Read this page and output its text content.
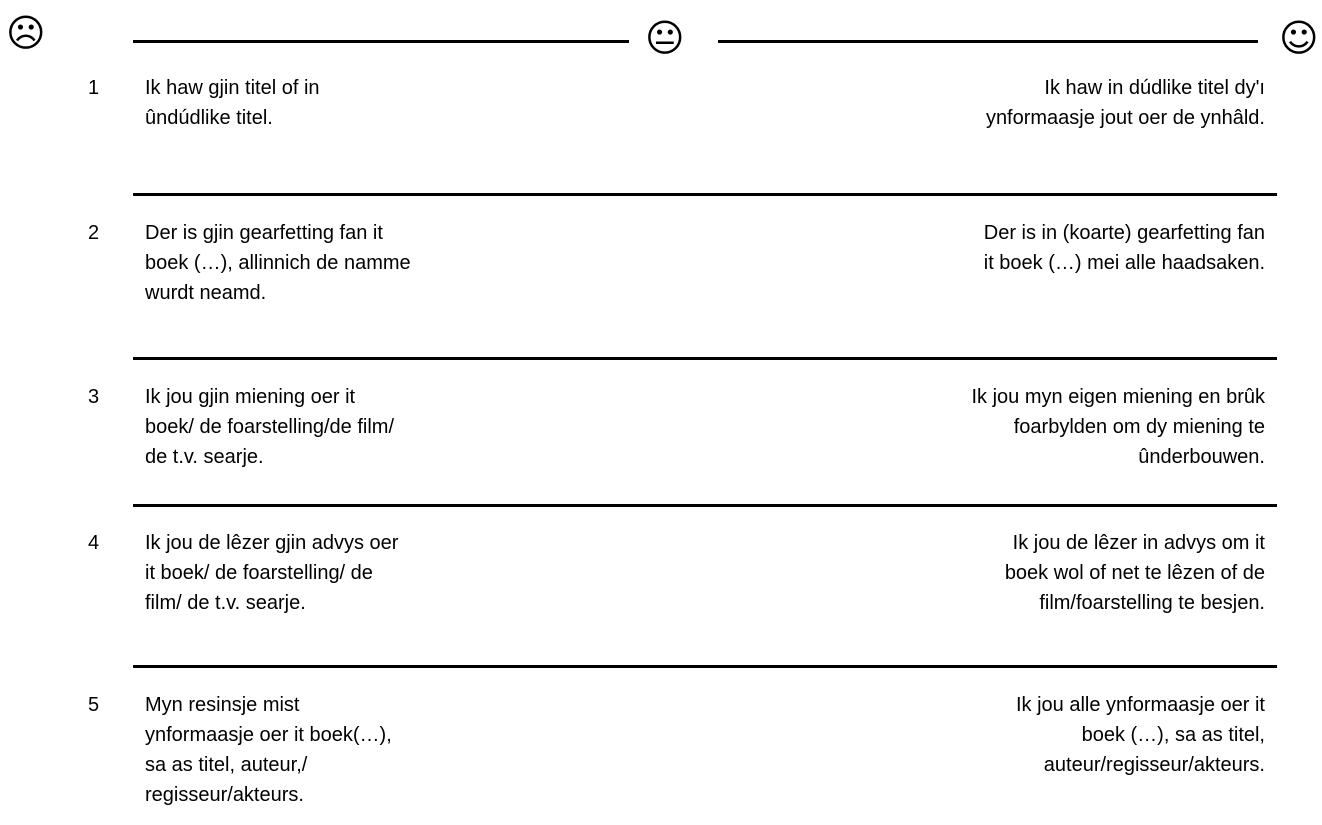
☹	😐	☺
1 Ik haw gjin titel of in
ûndúdlike titel.
Ik haw in dúdlike titel dy'ı
ynformaasje jout oer de ynhâld.
2 Der is gjin gearfetting fan it
boek (…), allinnich de namme
wurdt neamd.
Der is in (koarte) gearfetting fan
it boek (…) mei alle haadsaken.
3 Ik jou gjin miening oer it
boek/ de foarstelling/de film/
de t.v. searje.
Ik jou myn eigen miening en brûk
foarbylden om dy miening te
ûnderbouwen.
4 Ik jou de lêzer gjin advys oer
it boek/ de foarstelling/ de
film/ de t.v. searje.
Ik jou de lêzer in advys om it
boek wol of net te lêzen of de
film/foarstelling te besjen.
5 Myn resinsje mist
ynformaasje oer it boek(…),
sa as titel, auteur,/
regisseur/akteurs.
Ik jou alle ynformaasje oer it
boek (…), sa as titel,
auteur/regisseur/akteurs.
